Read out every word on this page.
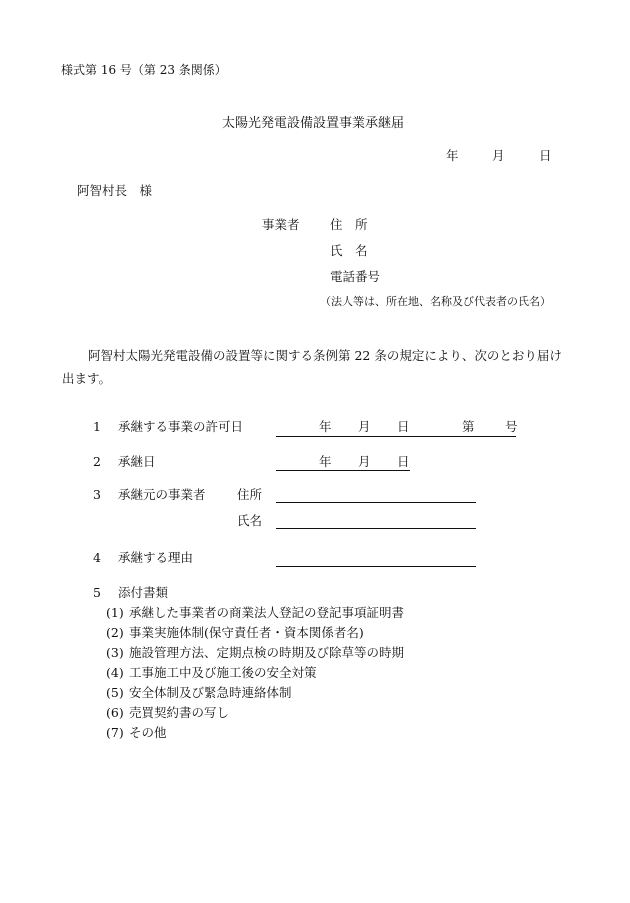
様式第 16 号（第 23 条関係）
太陽光発電設備設置事業承継届
年	月	日
阿智村長　様
事業者 住　所
氏　名
電話番号
（法人等は、所在地、名称及び代表者の氏名）
阿智村太陽光発電設備の設置等に関する条例第 22 条の規定により、次のとおり届け出ます。
1 承継する事業の許可日	年 月 日	第 号
2 承継日	年 月 日
3 承継元の事業者	住所
氏名
4 承継する理由
5 添付書類
(1) 承継した事業者の商業法人登記の登記事項証明書
(2) 事業実施体制(保守責任者・資本関係者名)
(3) 施設管理方法、定期点検の時期及び除草等の時期
(4) 工事施工中及び施工後の安全対策
(5) 安全体制及び緊急時連絡体制
(6) 売買契約書の写し
(7) その他
